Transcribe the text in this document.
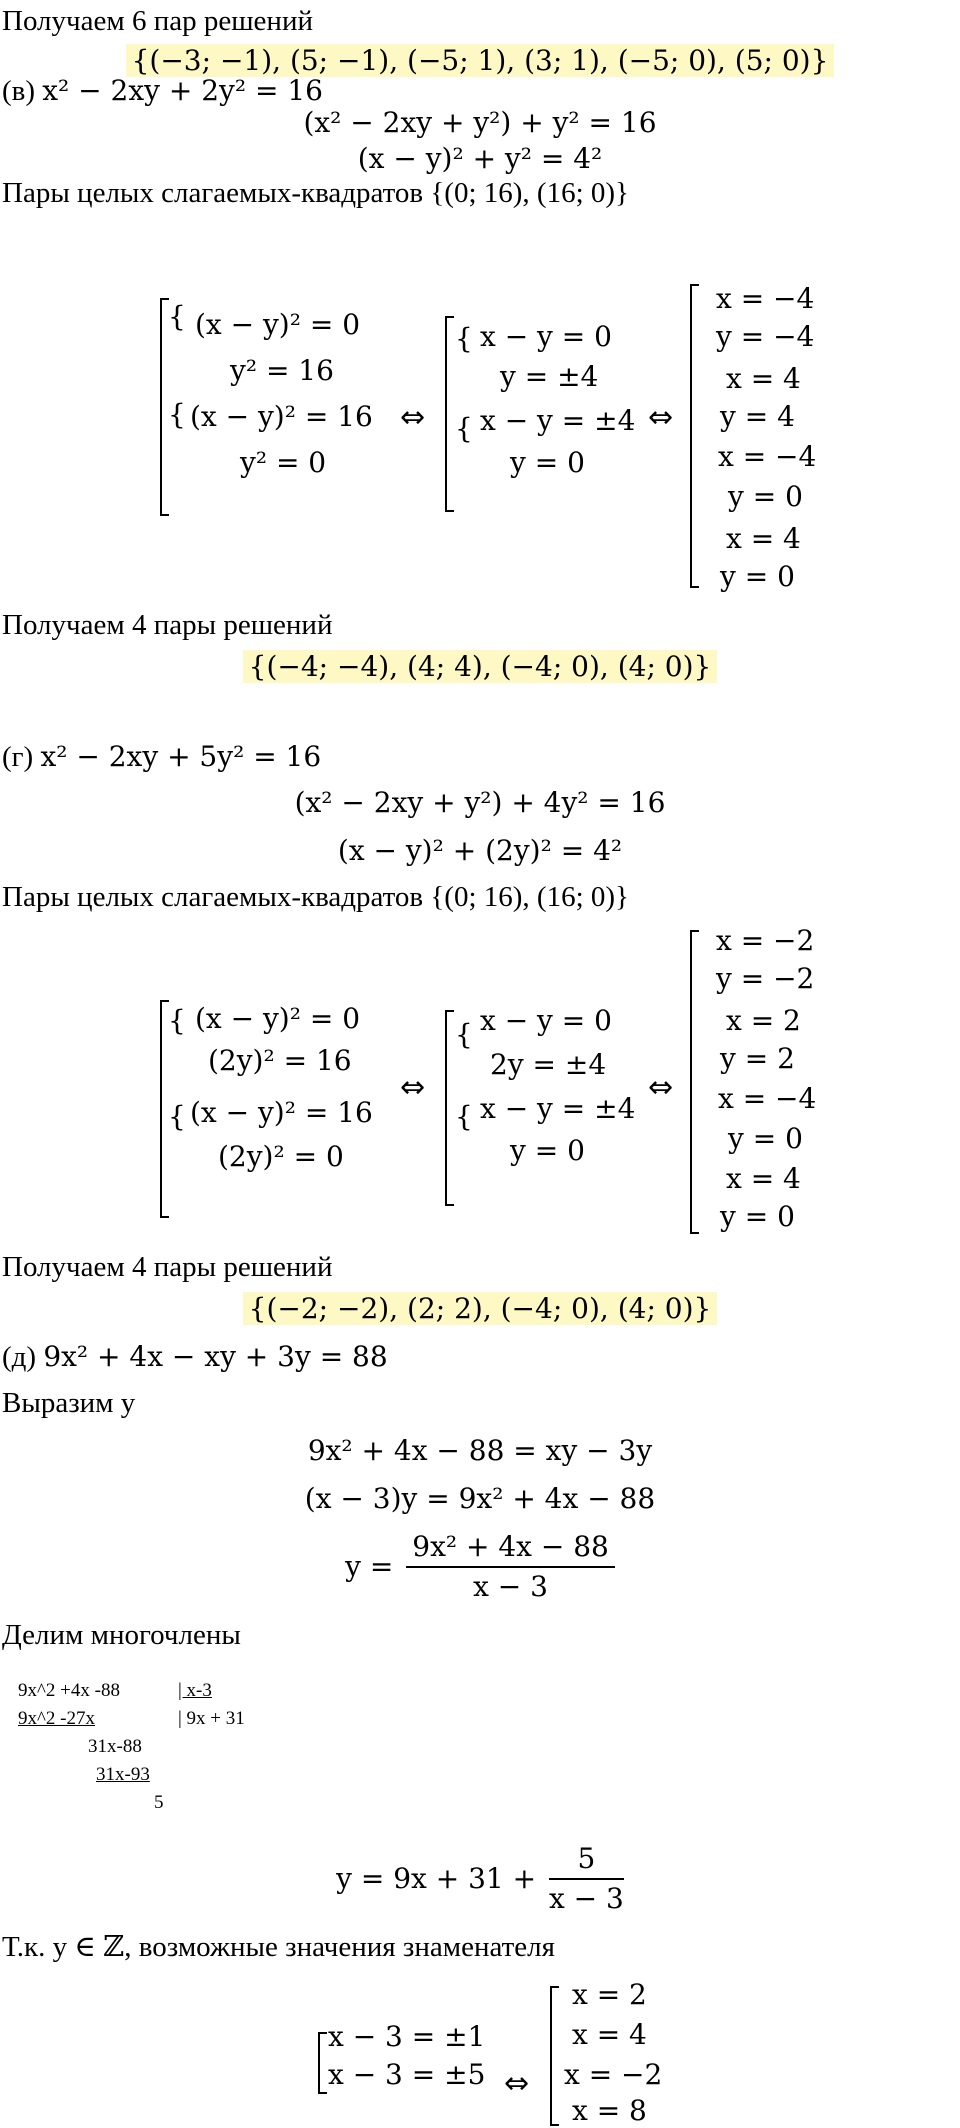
Получаем 6 пар решений
{(−3; −1), (5; −1), (−5; 1), (3; 1), (−5; 0), (5; 0)}
(в) x² − 2xy + 2y² = 16
(x² − 2xy + y²) + y² = 16
(x − y)² + y² = 4²
Пары целых слагаемых-квадратов {(0; 16), (16; 0)}
{ (x − y)² = 0
y² = 16
{ (x − y)² = 16
y² = 0
⇔
{ x − y = 0
y = ±4
{ x − y = ±4
y = 0
⇔
x = −4
y = −4
x = 4
y = 4
x = −4
y = 0
x = 4
y = 0
Получаем 4 пары решений
{(−4; −4), (4; 4), (−4; 0), (4; 0)}
(г) x² − 2xy + 5y² = 16
(x² − 2xy + y²) + 4y² = 16
(x − y)² + (2y)² = 4²
Пары целых слагаемых-квадратов {(0; 16), (16; 0)}
{ (x − y)² = 0
(2y)² = 16
{ (x − y)² = 16
(2y)² = 0
⇔
{ x − y = 0
2y = ±4
{ x − y = ±4
y = 0
⇔
x = −2
y = −2
x = 2
y = 2
x = −4
y = 0
x = 4
y = 0
Получаем 4 пары решений
{(−2; −2), (2; 2), (−4; 0), (4; 0)}
(д) 9x² + 4x − xy + 3y = 88
Выразим y
9x² + 4x − 88 = xy − 3y
(x − 3)y = 9x² + 4x − 88
$y = \frac{\text{9x² + 4x − 88}}{x - 3}$
Делим многочлены
9x^2 +4x -88	| x-3
9x^2 -27x	| 9x + 31
31x-88
31x-93
5
$y = 9x + 31 + \frac{5}{x - 3}$
Т.к. y ∈ ℤ, возможные значения знаменателя
x − 3 = ±1
x − 3 = ±5 ⇔
x = 2
x = 4
x = −2
x = 8
